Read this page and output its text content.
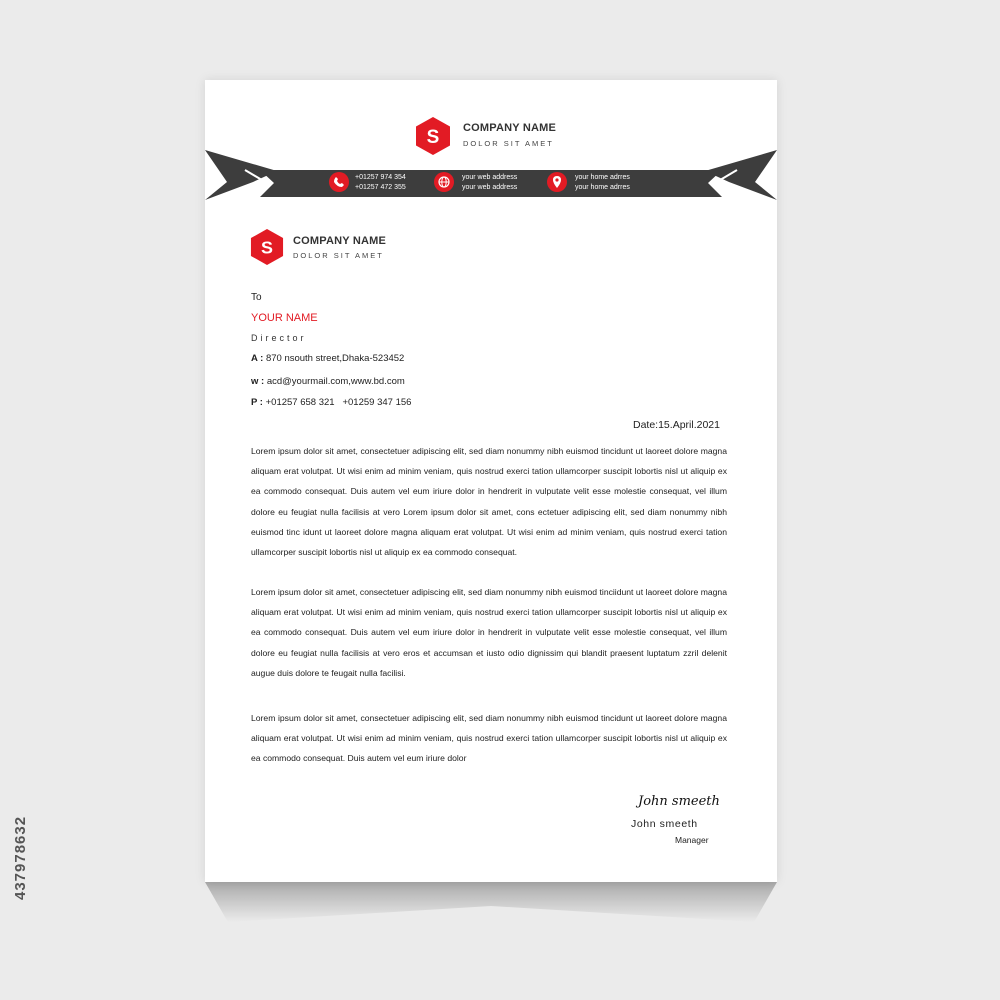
437978632
S COMPANY NAME
DOLOR SIT AMET
+01257 974 354
+01257 472 355
your web address
your web address
your home adrres
your home adrres
S COMPANY NAME
DOLOR SIT AMET
To
YOUR NAME
Director
A : 870 nsouth street,Dhaka-523452
w : acd@yourmail.com,www.bd.com
P : +01257 658 321   +01259 347 156
Date:15.April.2021
Lorem ipsum dolor sit amet, consectetuer adipiscing elit, sed diam nonummy nibh euismod tincidunt ut laoreet dolore magna aliquam erat volutpat. Ut wisi enim ad minim veniam, quis nostrud exerci tation ullamcorper suscipit lobortis nisl ut aliquip ex ea commodo consequat. Duis autem vel eum iriure dolor in hendrerit in vulputate velit esse molestie consequat, vel illum dolore eu feugiat nulla facilisis at vero Lorem ipsum dolor sit amet, cons ectetuer adipiscing elit, sed diam nonummy nibh euismod tinc idunt ut laoreet dolore magna aliquam erat volutpat. Ut wisi enim ad minim veniam, quis nostrud exerci tation ullamcorper suscipit lobortis nisl ut aliquip ex ea commodo consequat.
Lorem ipsum dolor sit amet, consectetuer adipiscing elit, sed diam nonummy nibh euismod tinciidunt ut laoreet dolore magna aliquam erat volutpat. Ut wisi enim ad minim veniam, quis nostrud exerci tation ullamcorper suscipit lobortis nisl ut aliquip ex ea commodo consequat. Duis autem vel eum iriure dolor in hendrerit in vulputate velit esse molestie consequat, vel illum dolore eu feugiat nulla facilisis at vero eros et accumsan et iusto odio dignissim qui blandit praesent luptatum zzril delenit augue duis dolore te feugait nulla facilisi.
Lorem ipsum dolor sit amet, consectetuer adipiscing elit, sed diam nonummy nibh euismod tincidunt ut laoreet dolore magna aliquam erat volutpat. Ut wisi enim ad minim veniam, quis nostrud exerci tation ullamcorper suscipit lobortis nisl ut aliquip ex ea commodo consequat. Duis autem vel eum iriure dolor
John smeeth
John smeeth
Manager
